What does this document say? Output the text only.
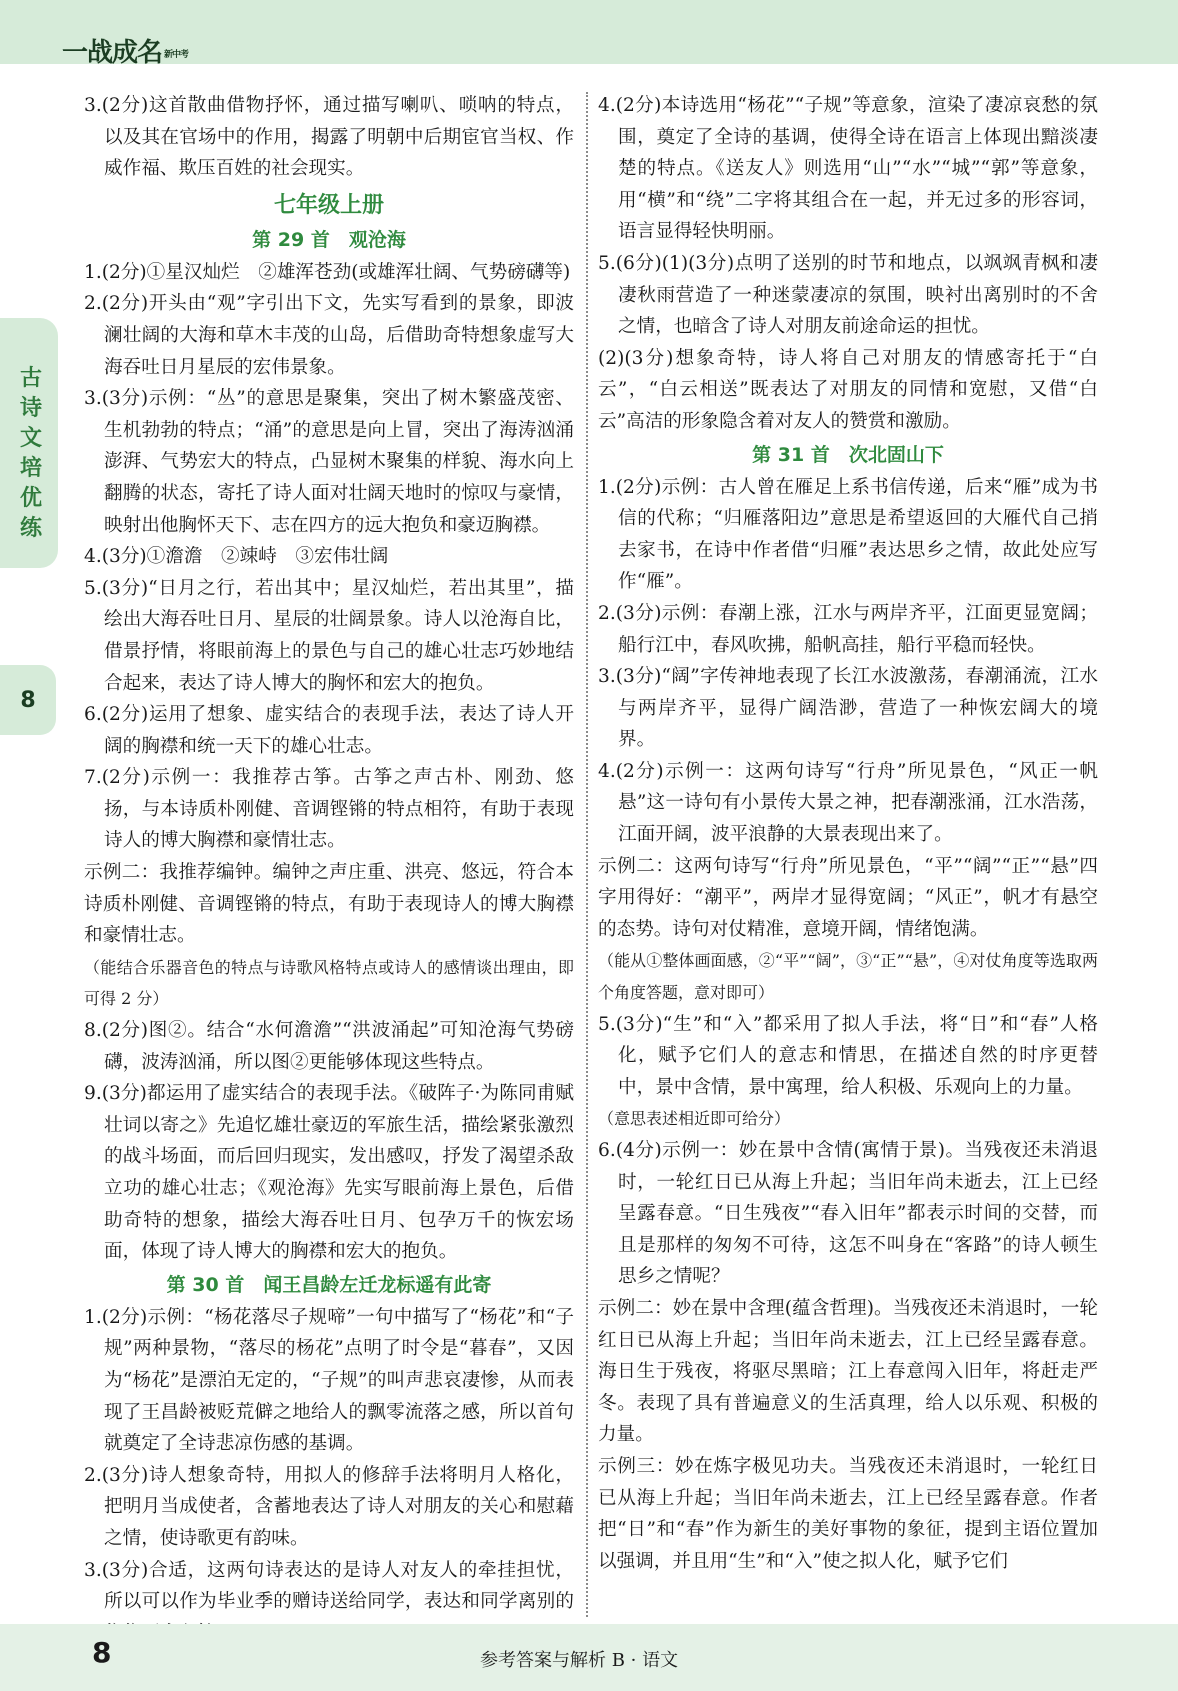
一战成名 新中考
古诗文培优练
8

3.(2分)这首散曲借物抒怀，通过描写喇叭、唢呐的特点，以及其在官场中的作用，揭露了明朝中后期宦官当权、作威作福、欺压百姓的社会现实。

七年级上册
第 29 首　观沧海

1.(2分)①星汉灿烂　②雄浑苍劲(或雄浑壮阔、气势磅礴等)

2.(2分)开头由“观”字引出下文，先实写看到的景象，即波澜壮阔的大海和草木丰茂的山岛，后借助奇特想象虚写大海吞吐日月星辰的宏伟景象。

3.(3分)示例：“丛”的意思是聚集，突出了树木繁盛茂密、生机勃勃的特点；“涌”的意思是向上冒，突出了海涛汹涌澎湃、气势宏大的特点，凸显树木聚集的样貌、海水向上翻腾的状态，寄托了诗人面对壮阔天地时的惊叹与豪情，映射出他胸怀天下、志在四方的远大抱负和豪迈胸襟。

4.(3分)①澹澹　②竦峙　③宏伟壮阔

5.(3分)“日月之行，若出其中；星汉灿烂，若出其里”，描绘出大海吞吐日月、星辰的壮阔景象。诗人以沧海自比，借景抒情，将眼前海上的景色与自己的雄心壮志巧妙地结合起来，表达了诗人博大的胸怀和宏大的抱负。

6.(2分)运用了想象、虚实结合的表现手法，表达了诗人开阔的胸襟和统一天下的雄心壮志。

7.(2分)示例一：我推荐古筝。古筝之声古朴、刚劲、悠扬，与本诗质朴刚健、音调铿锵的特点相符，有助于表现诗人的博大胸襟和豪情壮志。

示例二：我推荐编钟。编钟之声庄重、洪亮、悠远，符合本诗质朴刚健、音调铿锵的特点，有助于表现诗人的博大胸襟和豪情壮志。

（能结合乐器音色的特点与诗歌风格特点或诗人的感情谈出理由，即可得 2 分）

8.(2分)图②。结合“水何澹澹”“洪波涌起”可知沧海气势磅礴，波涛汹涌，所以图②更能够体现这些特点。

9.(3分)都运用了虚实结合的表现手法。《破阵子·为陈同甫赋壮词以寄之》先追忆雄壮豪迈的军旅生活，描绘紧张激烈的战斗场面，而后回归现实，发出感叹，抒发了渴望杀敌立功的雄心壮志；《观沧海》先实写眼前海上景色，后借助奇特的想象，描绘大海吞吐日月、包孕万千的恢宏场面，体现了诗人博大的胸襟和宏大的抱负。

第 30 首　闻王昌龄左迁龙标遥有此寄

1.(2分)示例：“杨花落尽子规啼”一句中描写了“杨花”和“子规”两种景物，“落尽的杨花”点明了时令是“暮春”，又因为“杨花”是漂泊无定的，“子规”的叫声悲哀凄惨，从而表现了王昌龄被贬荒僻之地给人的飘零流落之感，所以首句就奠定了全诗悲凉伤感的基调。

2.(3分)诗人想象奇特，用拟人的修辞手法将明月人格化，把明月当成使者，含蓄地表达了诗人对朋友的关心和慰藉之情，使诗歌更有韵味。

3.(3分)合适，这两句诗表达的是诗人对友人的牵挂担忧，所以可以作为毕业季的赠诗送给同学，表达和同学离别的

4.(2分)本诗选用“杨花”“子规”等意象，渲染了凄凉哀愁的氛围，奠定了全诗的基调，使得全诗在语言上体现出黯淡凄楚的特点。《送友人》则选用“山”“水”“城”“郭”等意象，用“横”和“绕”二字将其组合在一起，并无过多的形容词，语言显得轻快明丽。

5.(6分)(1)(3分)点明了送别的时节和地点，以飒飒青枫和凄凄秋雨营造了一种迷蒙凄凉的氛围，映衬出离别时的不舍之情，也暗含了诗人对朋友前途命运的担忧。

(2)(3分)想象奇特，诗人将自己对朋友的情感寄托于“白云”，“白云相送”既表达了对朋友的同情和宽慰，又借“白云”高洁的形象隐含着对友人的赞赏和激励。

第 31 首　次北固山下

1.(2分)示例：古人曾在雁足上系书信传递，后来“雁”成为书信的代称；“归雁落阳边”意思是希望返回的大雁代自己捎去家书，在诗中作者借“归雁”表达思乡之情，故此处应写作“雁”。

2.(3分)示例：春潮上涨，江水与两岸齐平，江面更显宽阔；船行江中，春风吹拂，船帆高挂，船行平稳而轻快。

3.(3分)“阔”字传神地表现了长江水波激荡，春潮涌流，江水与两岸齐平，显得广阔浩渺，营造了一种恢宏阔大的境界。

4.(2分)示例一：这两句诗写“行舟”所见景色，“风正一帆悬”这一诗句有小景传大景之神，把春潮涨涌，江水浩荡，江面开阔，波平浪静的大景表现出来了。

示例二：这两句诗写“行舟”所见景色，“平”“阔”“正”“悬”四字用得好：“潮平”，两岸才显得宽阔；“风正”，帆才有悬空的态势。诗句对仗精准，意境开阔，情绪饱满。

（能从①整体画面感，②“平”“阔”，③“正”“悬”，④对仗角度等选取两个角度答题，意对即可）

5.(3分)“生”和“入”都采用了拟人手法，将“日”和“春”人格化，赋予它们人的意志和情思，在描述自然的时序更替中，景中含情，景中寓理，给人积极、乐观向上的力量。

（意思表述相近即可给分）

6.(4分)示例一：妙在景中含情(寓情于景)。当残夜还未消退时，一轮红日已从海上升起；当旧年尚未逝去，江上已经呈露春意。“日生残夜”“春入旧年”都表示时间的交替，而且是那样的匆匆不可待，这怎不叫身在“客路”的诗人顿生思乡之情呢？

示例二：妙在景中含理(蕴含哲理)。当残夜还未消退时，一轮红日已从海上升起；当旧年尚未逝去，江上已经呈露春意。海日生于残夜，将驱尽黑暗；江上春意闯入旧年，将赶走严冬。表现了具有普遍意义的生活真理，给人以乐观、积极的力量。

示例三：妙在炼字极见功夫。当残夜还未消退时，一轮红日已从海上升起；当旧年尚未逝去，江上已经呈露春意。作者把“日”和“春”作为新生的美好事物的象征，提到主语位置加以强调，并且用“生”和“入”使之拟人化，赋予它们

8	参考答案与解析 B · 语文
